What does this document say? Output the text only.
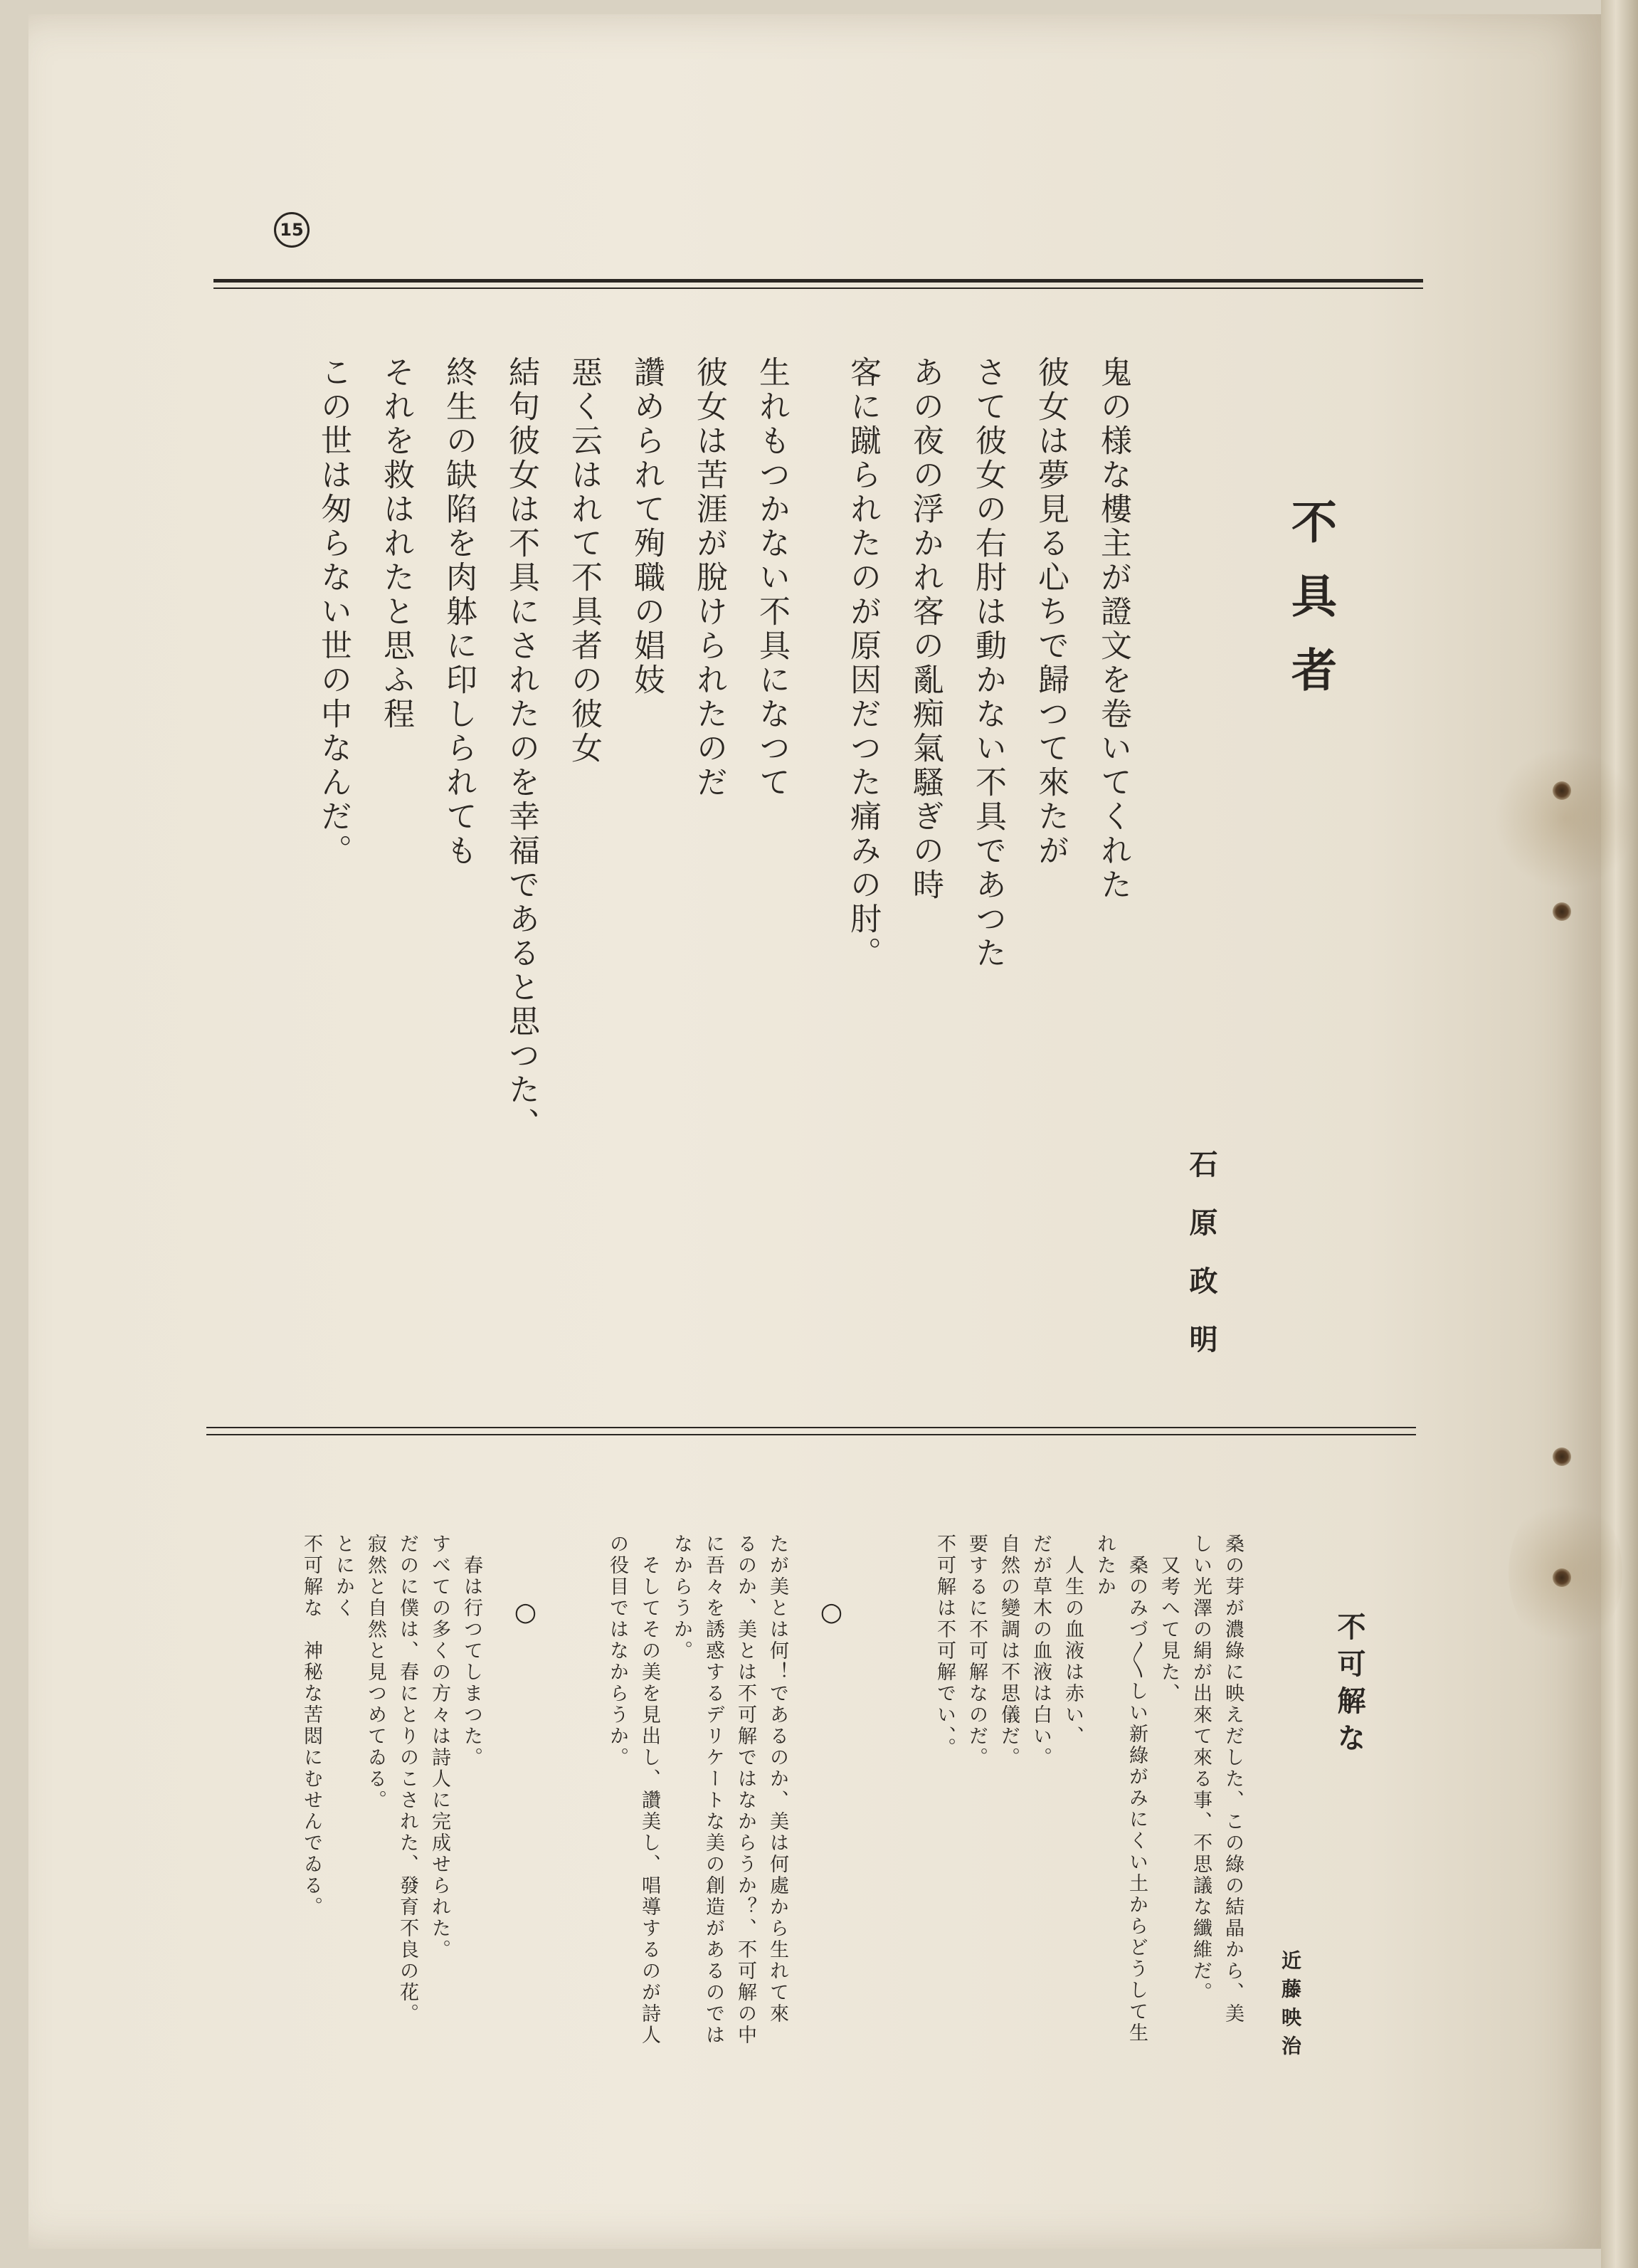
15
不具者
石原政明
鬼の様な樓主が證文を卷いてくれた
彼女は夢見る心ちで歸つて來たが
さて彼女の右肘は動かない不具であつた
あの夜の浮かれ客の亂痴氣騷ぎの時
客に蹴られたのが原因だつた痛みの肘。
生れもつかない不具になつて
彼女は苦涯が脫けられたのだ
讚められて殉職の娼妓
惡く云はれて不具者の彼女
結句彼女は不具にされたのを幸福であると思つた、
終生の缺陷を肉躰に印しられても
それを救はれたと思ふ程
この世は匆らない世の中なんだ。
不可解な
近藤映治
桑の芽が濃綠に映えだした、この綠の結晶から、美
しい光澤の絹が出來て來る事、不思議な纖維だ。
又考へて見た、
桑のみづ〳〵しい新綠がみにくい土からどうして生
れたか
人生の血液は赤い、
だが草木の血液は白い。
自然の變調は不思儀だ。
要するに不可解なのだ。
不可解は不可解でい、。
○
たが美とは何！であるのか、美は何處から生れて來
るのか、美とは不可解ではなからうか？、不可解の中
に吾々を誘惑するデリケートな美の創造があるのでは
なからうか。
そしてその美を見出し、讚美し、唱導するのが詩人
の役目ではなからうか。
○
春は行つてしまつた。
すべての多くの方々は詩人に完成せられた。
だのに僕は、春にとりのこされた、發育不良の花。
寂然と自然と見つめてゐる。
とにかく
不可解な　神秘な苦悶にむせんでゐる。
